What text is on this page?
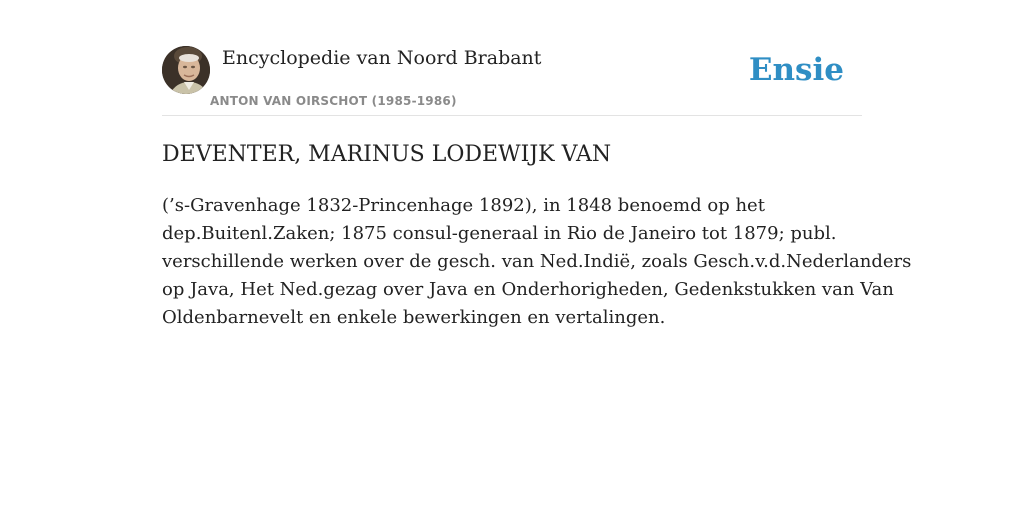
Encyclopedie van Noord Brabant
ANTON VAN OIRSCHOT (1985-1986)
Ensie
DEVENTER, MARINUS LODEWIJK VAN

(’s-Gravenhage 1832-Princenhage 1892), in 1848 benoemd op het
dep.Buitenl.Zaken; 1875 consul-generaal in Rio de Janeiro tot 1879; publ.
verschillende werken over de gesch. van Ned.Indië, zoals Gesch.v.d.Nederlanders
op Java, Het Ned.gezag over Java en Onderhorigheden, Gedenkstukken van Van
Oldenbarnevelt en enkele bewerkingen en vertalingen.
